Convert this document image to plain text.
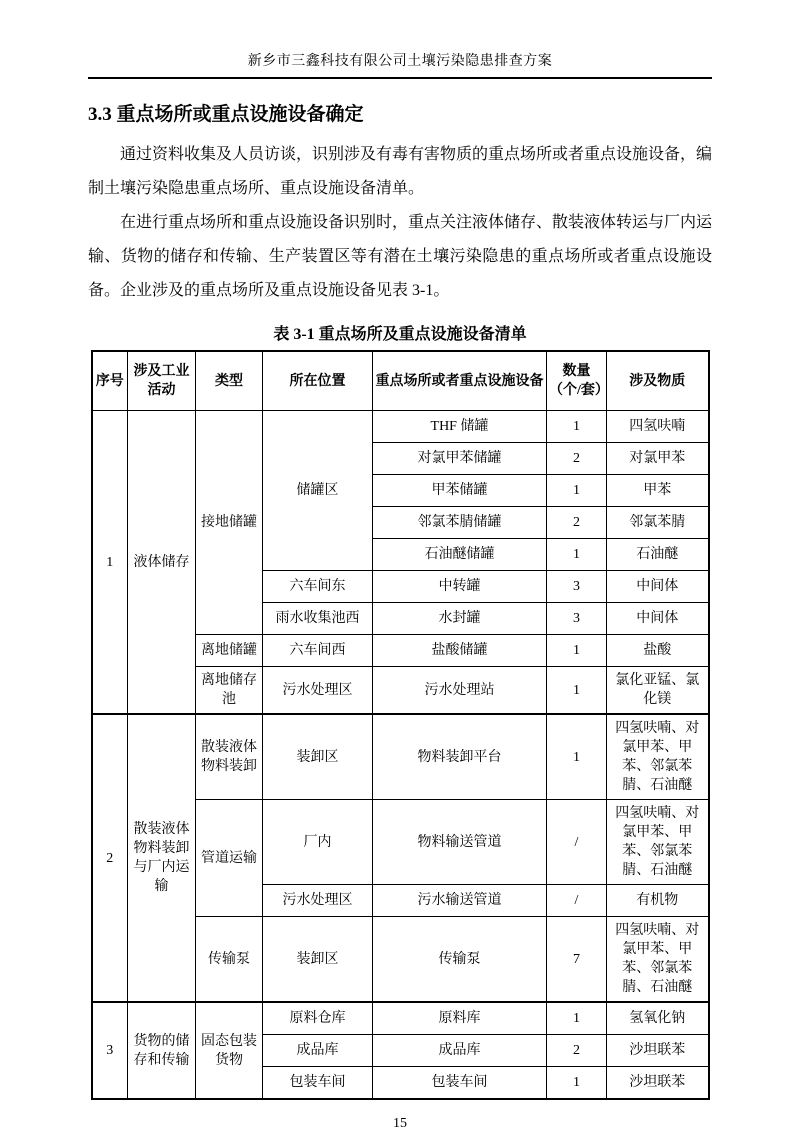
新乡市三鑫科技有限公司土壤污染隐患排查方案
3.3 重点场所或重点设施设备确定

通过资料收集及人员访谈，识别涉及有毒有害物质的重点场所或者重点设施设备，编制土壤污染隐患重点场所、重点设施设备清单。

在进行重点场所和重点设施设备识别时，重点关注液体储存、散装液体转运与厂内运输、货物的储存和传输、生产装置区等有潜在土壤污染隐患的重点场所或者重点设施设备。企业涉及的重点场所及重点设施设备见表 3-1。

表 3-1 重点场所及重点设施设备清单
序号	涉及工业活动	类型	所在位置	重点场所或者重点设施设备	数量（个/套）	涉及物质
1	液体储存	接地储罐	储罐区	THF 储罐	1	四氢呋喃
				对氯甲苯储罐	2	对氯甲苯
				甲苯储罐	1	甲苯
				邻氯苯腈储罐	2	邻氯苯腈
				石油醚储罐	1	石油醚
			六车间东	中转罐	3	中间体
			雨水收集池西	水封罐	3	中间体
		离地储罐	六车间西	盐酸储罐	1	盐酸
		离地储存池	污水处理区	污水处理站	1	氯化亚锰、氯化镁
2	散装液体物料装卸与厂内运输	散装液体物料装卸	装卸区	物料装卸平台	1	四氢呋喃、对氯甲苯、甲苯、邻氯苯腈、石油醚
		管道运输	厂内	物料输送管道	/	四氢呋喃、对氯甲苯、甲苯、邻氯苯腈、石油醚
			污水处理区	污水输送管道	/	有机物
		传输泵	装卸区	传输泵	7	四氢呋喃、对氯甲苯、甲苯、邻氯苯腈、石油醚
3	货物的储存和传输	固态包装货物	原料仓库	原料库	1	氢氧化钠
			成品库	成品库	2	沙坦联苯
			包装车间	包装车间	1	沙坦联苯
15
